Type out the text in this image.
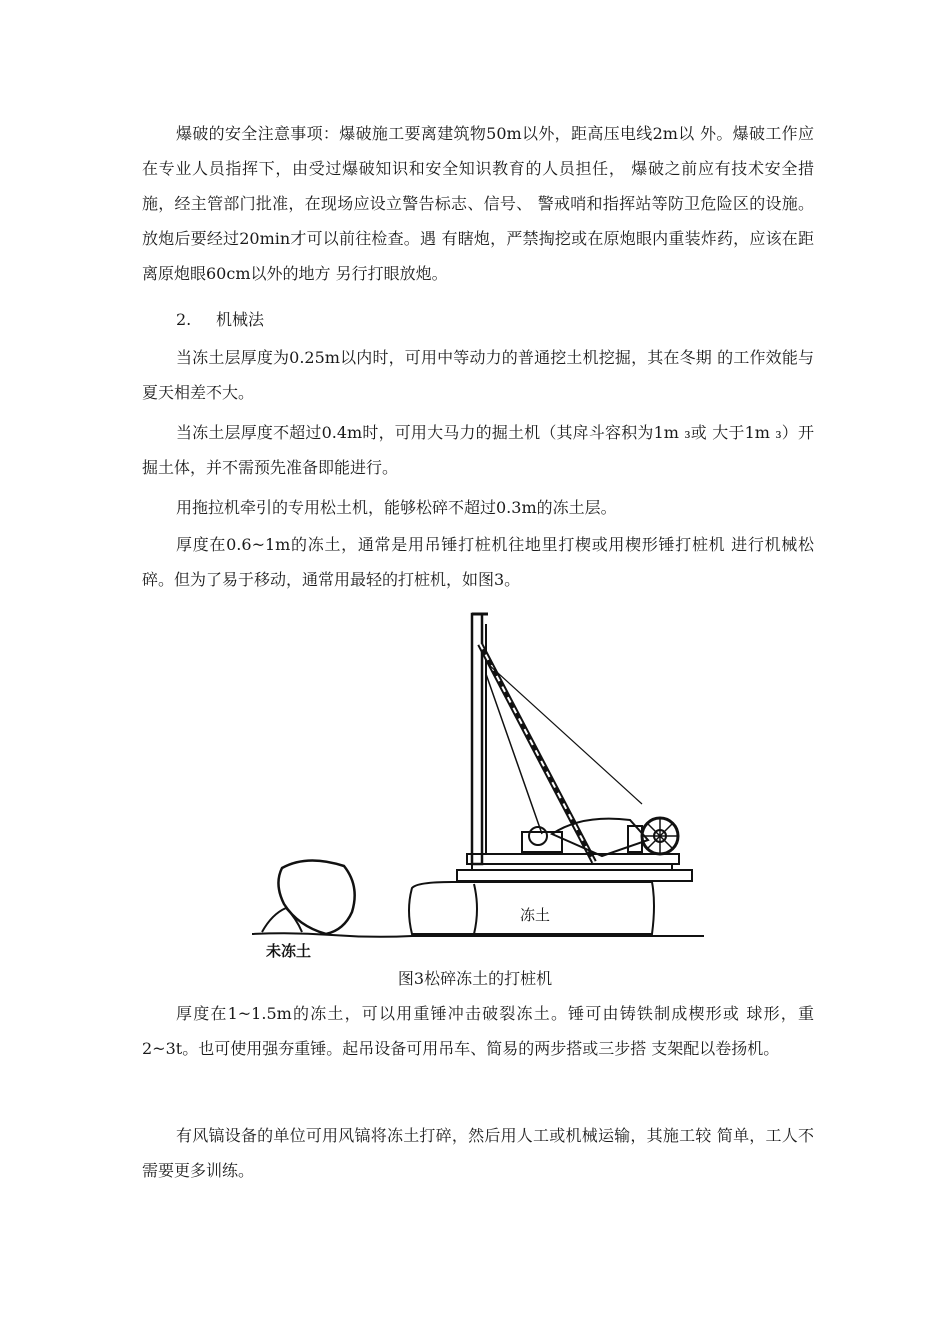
爆破的安全注意事项：爆破施工要离建筑物50m以外，距高压电线2m以 外。爆破工作应在专业人员指挥下，由受过爆破知识和安全知识教育的人员担任， 爆破之前应有技术安全措施，经主管部门批准，在现场应设立警告标志、信号、 警戒哨和指挥站等防卫危险区的设施。放炮后要经过20min才可以前往检查。遇 有瞎炮，严禁掏挖或在原炮眼内重装炸药，应该在距离原炮眼60cm以外的地方 另行打眼放炮。

2. 机械法

当冻土层厚度为0.25m以内时，可用中等动力的普通挖土机挖掘，其在冬期 的工作效能与夏天相差不大。

当冻土层厚度不超过0.4m时，可用大马力的掘土机（其戽斗容积为1m ₃或 大于1m ₃）开掘土体，并不需预先准备即能进行。

用拖拉机牵引的专用松土机，能够松碎不超过0.3m的冻土层。

厚度在0.6~1m的冻土，通常是用吊锤打桩机往地里打楔或用楔形锤打桩机 进行机械松碎。但为了易于移动，通常用最轻的打桩机，如图3。

冻土
未冻土

图3松碎冻土的打桩机

厚度在1~1.5m的冻土，可以用重锤冲击破裂冻土。锤可由铸铁制成楔形或 球形，重2~3t。也可使用强夯重锤。起吊设备可用吊车、简易的两步搭或三步搭 支架配以卷扬机。

有风镐设备的单位可用风镐将冻土打碎，然后用人工或机械运输，其施工较 简单，工人不需要更多训练。
